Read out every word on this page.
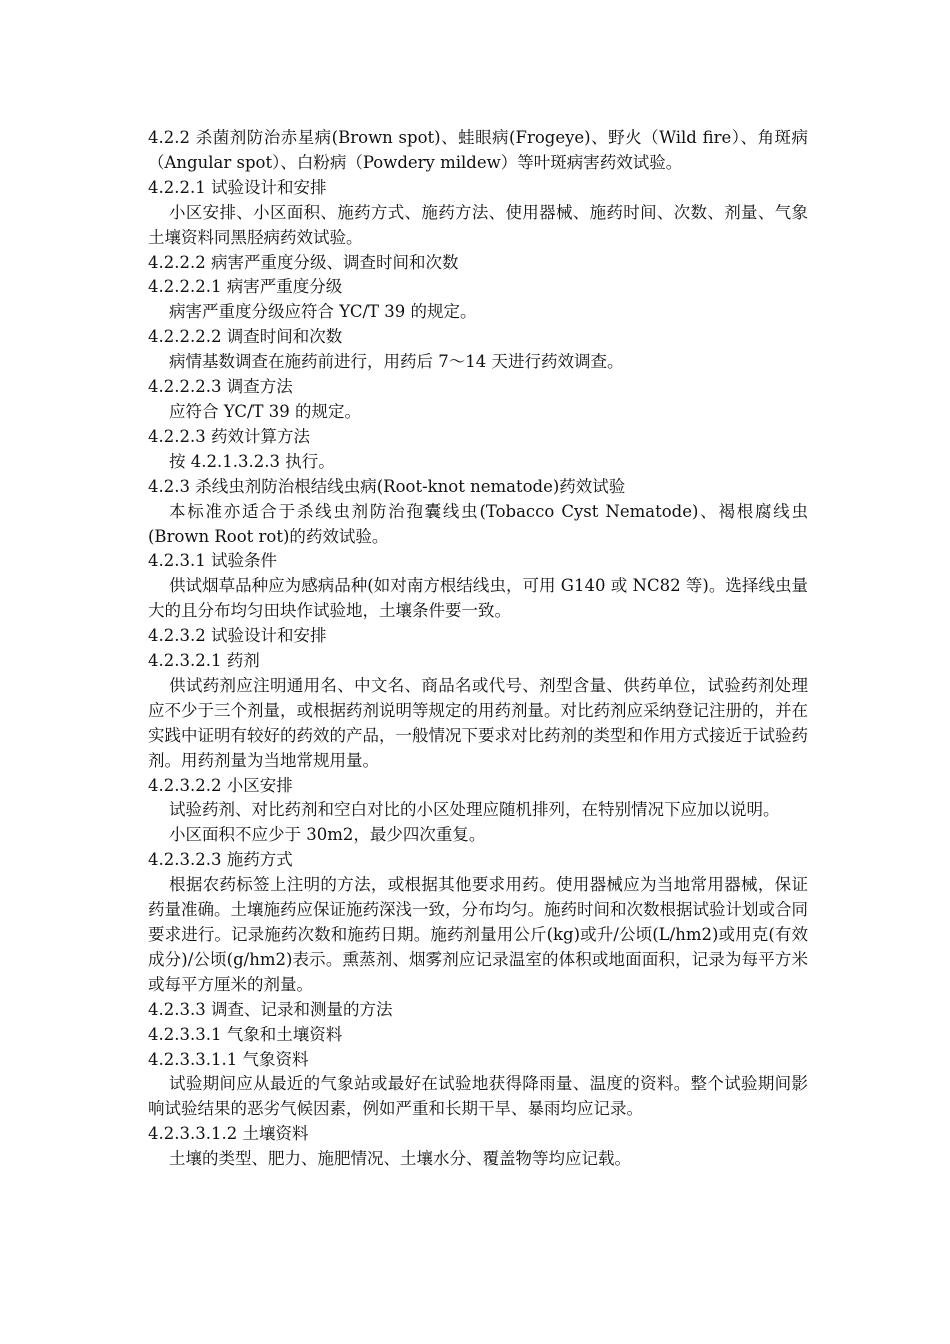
4.2.2 杀菌剂防治赤星病(Brown spot)、蛙眼病(Frogeye)、野火（Wild fire）、角斑病（Angular spot）、白粉病（Powdery mildew）等叶斑病害药效试验。

4.2.2.1 试验设计和安排

小区安排、小区面积、施药方式、施药方法、使用器械、施药时间、次数、剂量、气象土壤资料同黑胫病药效试验。

4.2.2.2 病害严重度分级、调查时间和次数

4.2.2.2.1 病害严重度分级

病害严重度分级应符合 YC/T 39 的规定。

4.2.2.2.2 调查时间和次数

病情基数调查在施药前进行，用药后 7～14 天进行药效调查。

4.2.2.2.3 调查方法

应符合 YC/T 39 的规定。

4.2.2.3 药效计算方法

按 4.2.1.3.2.3 执行。

4.2.3 杀线虫剂防治根结线虫病(Root-knot nematode)药效试验

本标准亦适合于杀线虫剂防治孢囊线虫(Tobacco Cyst Nematode)、褐根腐线虫(Brown Root rot)的药效试验。

4.2.3.1 试验条件

供试烟草品种应为感病品种(如对南方根结线虫，可用 G140 或 NC82 等)。选择线虫量大的且分布均匀田块作试验地，土壤条件要一致。

4.2.3.2 试验设计和安排

4.2.3.2.1 药剂

供试药剂应注明通用名、中文名、商品名或代号、剂型含量、供药单位，试验药剂处理应不少于三个剂量，或根据药剂说明等规定的用药剂量。对比药剂应采纳登记注册的，并在实践中证明有较好的药效的产品，一般情况下要求对比药剂的类型和作用方式接近于试验药剂。用药剂量为当地常规用量。

4.2.3.2.2 小区安排

试验药剂、对比药剂和空白对比的小区处理应随机排列，在特别情况下应加以说明。

小区面积不应少于 30m2，最少四次重复。

4.2.3.2.3 施药方式

根据农药标签上注明的方法，或根据其他要求用药。使用器械应为当地常用器械，保证药量准确。土壤施药应保证施药深浅一致，分布均匀。施药时间和次数根据试验计划或合同要求进行。记录施药次数和施药日期。施药剂量用公斤(kg)或升/公顷(L/hm2)或用克(有效成分)/公顷(g/hm2)表示。熏蒸剂、烟雾剂应记录温室的体积或地面面积，记录为每平方米或每平方厘米的剂量。

4.2.3.3 调查、记录和测量的方法

4.2.3.3.1 气象和土壤资料

4.2.3.3.1.1 气象资料

试验期间应从最近的气象站或最好在试验地获得降雨量、温度的资料。整个试验期间影响试验结果的恶劣气候因素，例如严重和长期干旱、暴雨均应记录。

4.2.3.3.1.2 土壤资料

土壤的类型、肥力、施肥情况、土壤水分、覆盖物等均应记载。
